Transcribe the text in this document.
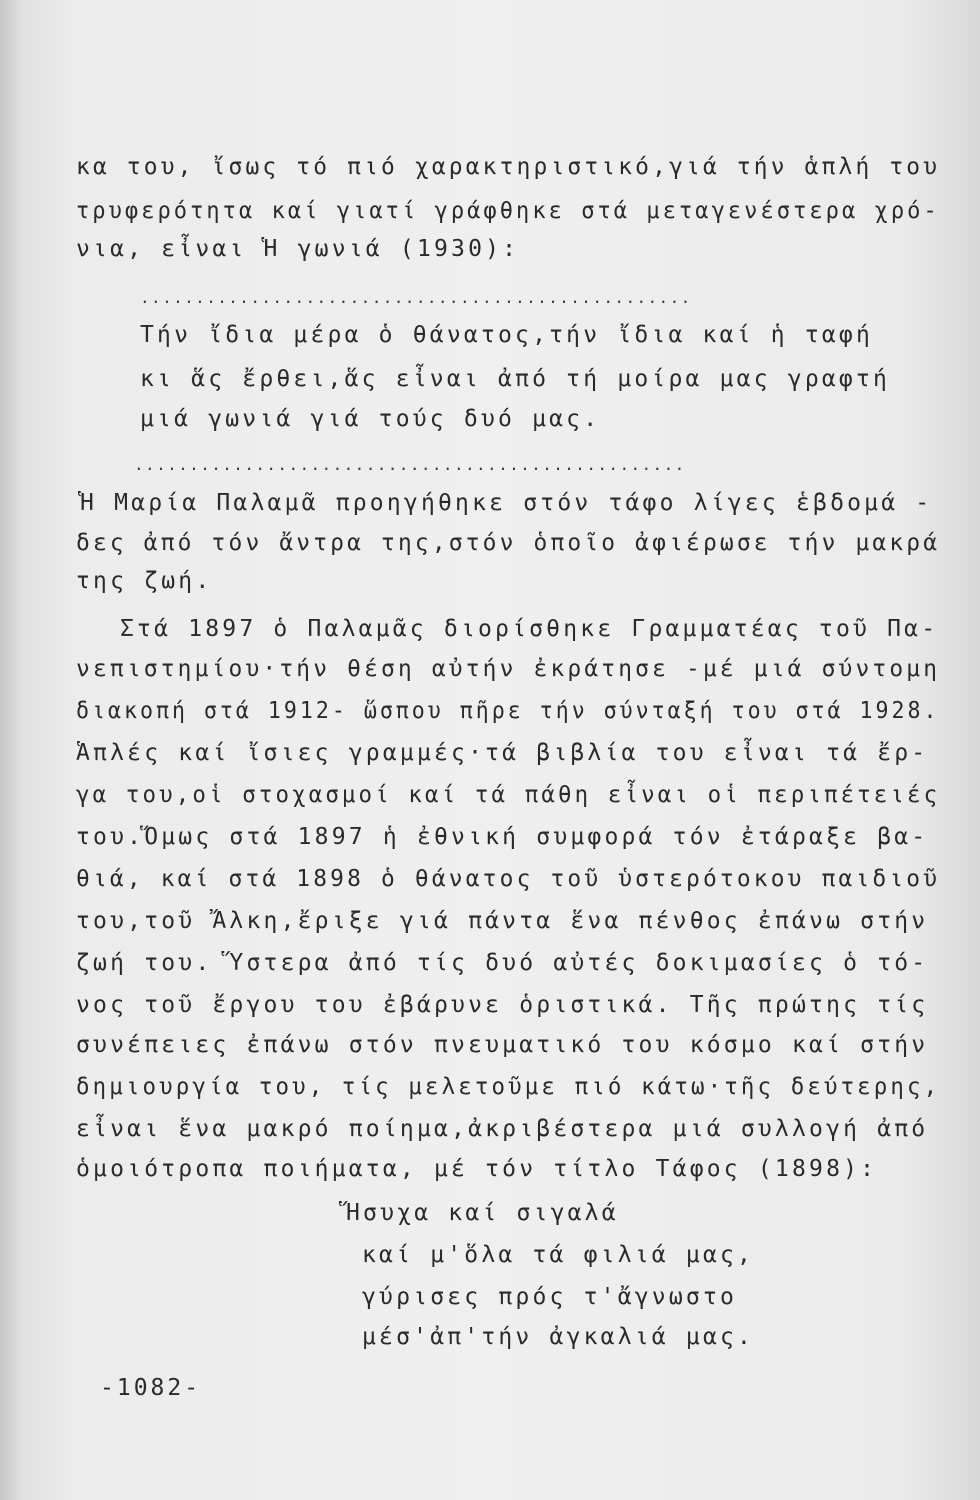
κα του, ἴσως τό πιό χαρακτηριστικό,γιά τήν ἁπλή του
τρυφερότητα καί γιατί γράφθηκε στά μεταγενέστερα χρό-
νια, εἶναι Ἡ γωνιά (1930):
..................................................
Τήν ἴδια μέρα ὁ θάνατος,τήν ἴδια καί ἡ ταφή
κι ἅς ἔρθει,ἅς εἶναι ἀπό τή μοίρα μας γραφτή
μιά γωνιά γιά τούς δυό μας.
..................................................
Ἡ Μαρία Παλαμᾶ προηγήθηκε στόν τάφο λίγες ἑβδομά -
δες ἀπό τόν ἄντρα της,στόν ὁποῖο ἀφιέρωσε τήν μακρά
της ζωή.
Στά 1897 ὁ Παλαμᾶς διορίσθηκε Γραμματέας τοῦ Πα-
νεπιστημίου·τήν θέση αὐτήν ἐκράτησε -μέ μιά σύντομη
διακοπή στά 1912- ὥσπου πῆρε τήν σύνταξή του στά 1928.
Ἁπλές καί ἴσιες γραμμές·τά βιβλία του εἶναι τά ἔρ-
γα του,οἱ στοχασμοί καί τά πάθη εἶναι οἱ περιπέτειές
του.Ὅμως στά 1897 ἡ ἐθνική συμφορά τόν ἐτάραξε βα-
θιά, καί στά 1898 ὁ θάνατος τοῦ ὑστερότοκου παιδιοῦ
του,τοῦ Ἄλκη,ἔριξε γιά πάντα ἕνα πένθος ἐπάνω στήν
ζωή του. Ὕστερα ἀπό τίς δυό αὐτές δοκιμασίες ὁ τό-
νος τοῦ ἔργου του ἐβάρυνε ὁριστικά. Τῆς πρώτης τίς
συνέπειες ἐπάνω στόν πνευματικό του κόσμο καί στήν
δημιουργία του, τίς μελετοῦμε πιό κάτω·τῆς δεύτερης,
εἶναι ἕνα μακρό ποίημα,ἀκριβέστερα μιά συλλογή ἀπό
ὁμοιότροπα ποιήματα, μέ τόν τίτλο Τάφος (1898):
Ἥσυχα καί σιγαλά
καί μ'ὅλα τά φιλιά μας,
γύρισες πρός τ'ἄγνωστο
μέσ'ἀπ'τήν ἀγκαλιά μας.
-1082-
